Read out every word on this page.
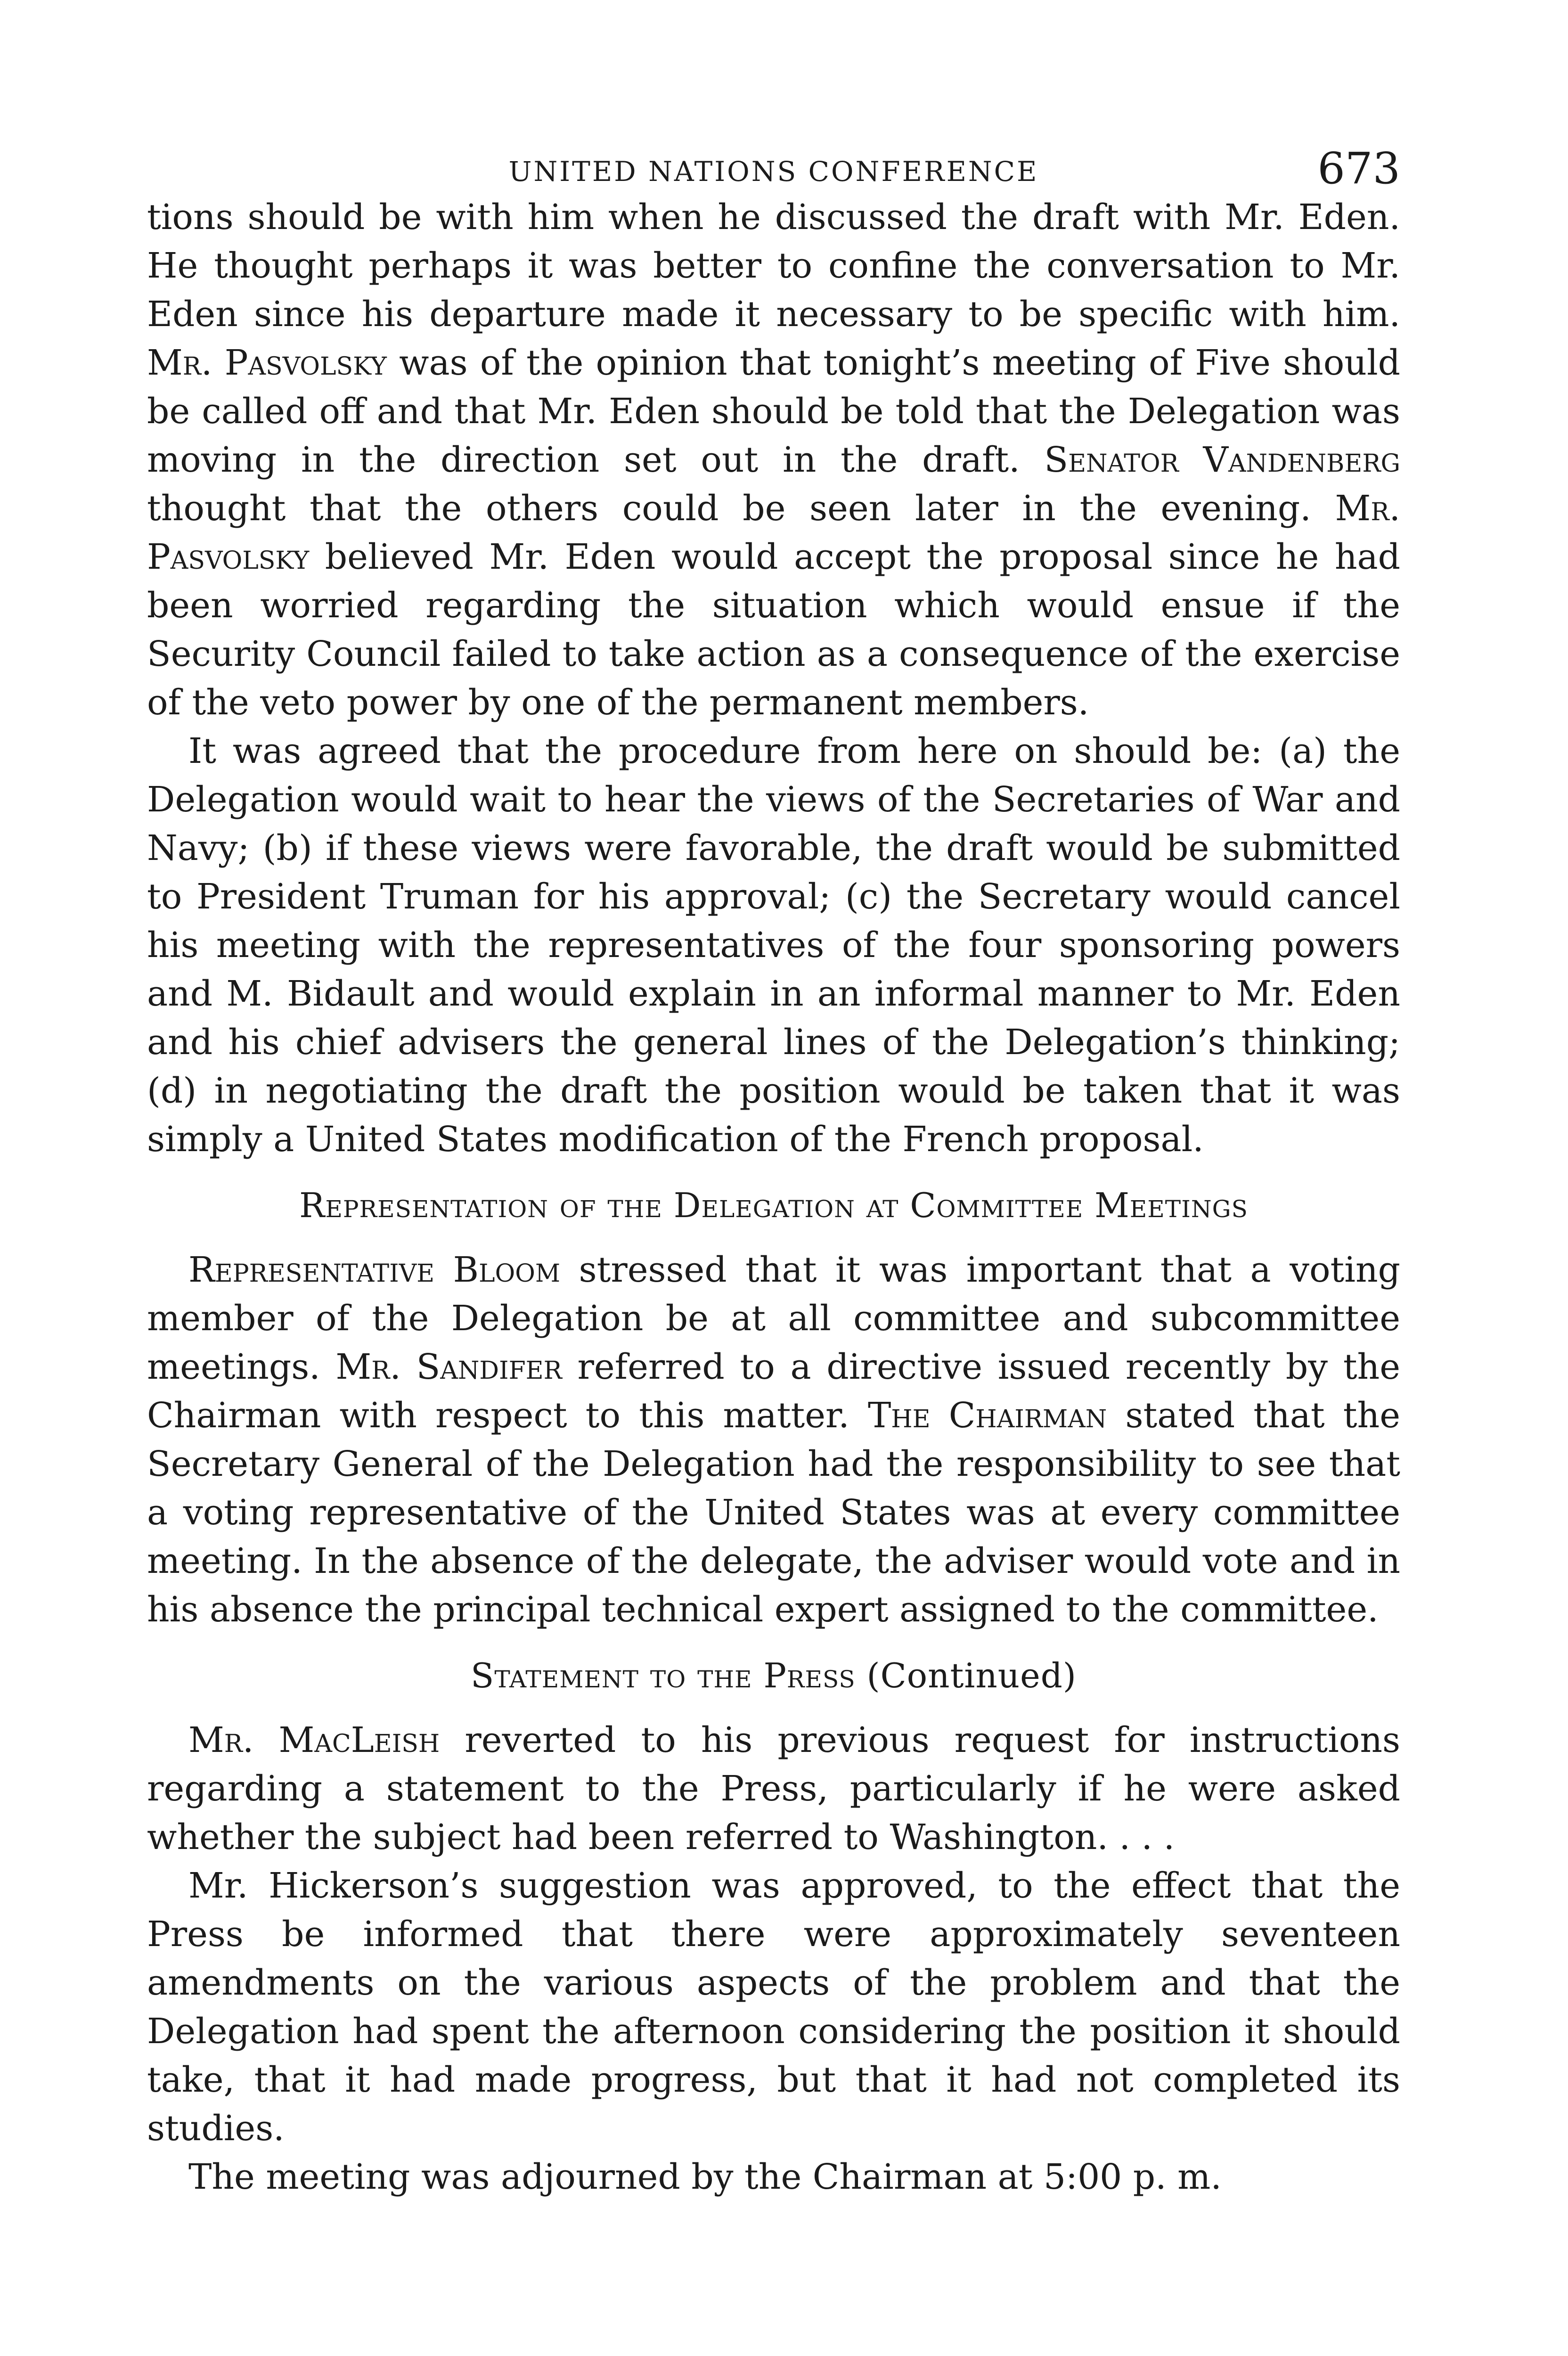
UNITED NATIONS CONFERENCE	673

tions should be with him when he discussed the draft with Mr. Eden. He thought perhaps it was better to confine the conversation to Mr. Eden since his departure made it necessary to be specific with him. Mr. Pasvolsky was of the opinion that tonight’s meeting of Five should be called off and that Mr. Eden should be told that the Delegation was moving in the direction set out in the draft. Senator Vandenberg thought that the others could be seen later in the evening. Mr. Pasvolsky believed Mr. Eden would accept the proposal since he had been worried regarding the situation which would ensue if the Security Council failed to take action as a consequence of the exercise of the veto power by one of the permanent members.

It was agreed that the procedure from here on should be: (a) the Delegation would wait to hear the views of the Secretaries of War and Navy; (b) if these views were favorable, the draft would be submitted to President Truman for his approval; (c) the Secretary would cancel his meeting with the representatives of the four sponsoring powers and M. Bidault and would explain in an informal manner to Mr. Eden and his chief advisers the general lines of the Delegation’s thinking; (d) in negotiating the draft the position would be taken that it was simply a United States modification of the French proposal.

Representation of the Delegation at Committee Meetings

Representative Bloom stressed that it was important that a voting member of the Delegation be at all committee and subcommittee meetings. Mr. Sandifer referred to a directive issued recently by the Chairman with respect to this matter. The Chairman stated that the Secretary General of the Delegation had the responsibility to see that a voting representative of the United States was at every committee meeting. In the absence of the delegate, the adviser would vote and in his absence the principal technical expert assigned to the committee.

Statement to the Press (Continued)

Mr. MacLeish reverted to his previous request for instructions regarding a statement to the Press, particularly if he were asked whether the subject had been referred to Washington. . . .

Mr. Hickerson’s suggestion was approved, to the effect that the Press be informed that there were approximately seventeen amendments on the various aspects of the problem and that the Delegation had spent the afternoon considering the position it should take, that it had made progress, but that it had not completed its studies.

The meeting was adjourned by the Chairman at 5:00 p. m.
